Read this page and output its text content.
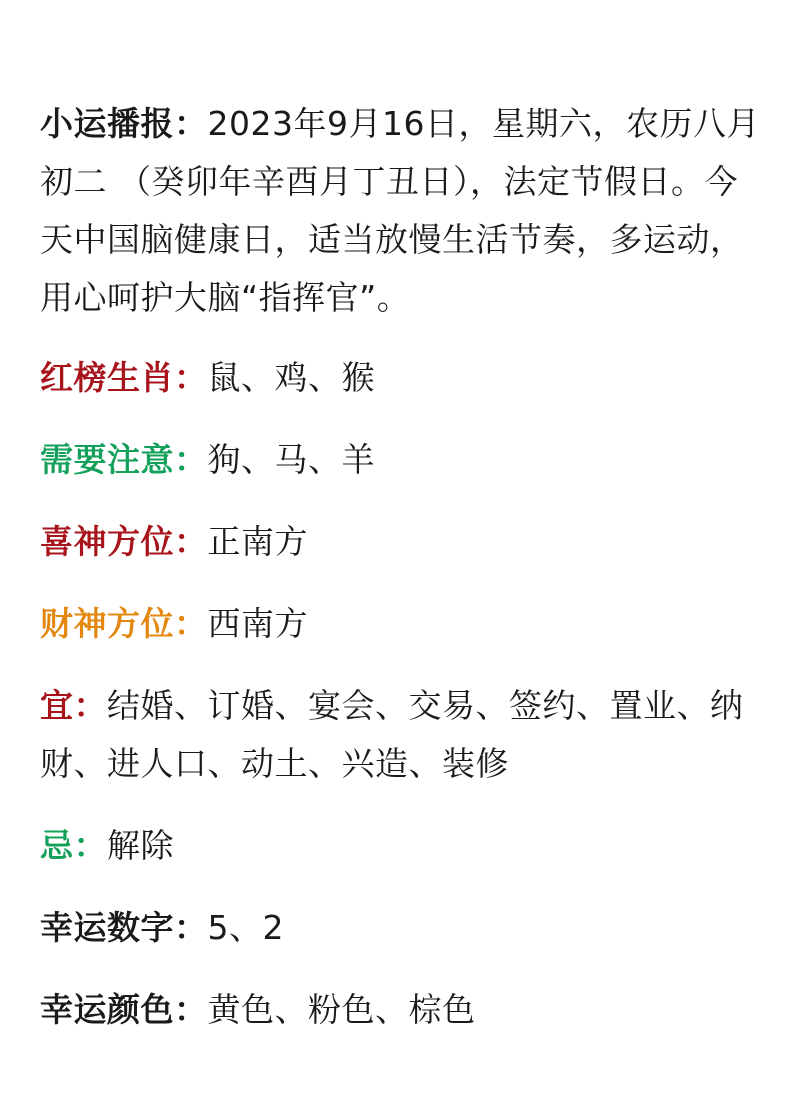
小运播报：2023年9月16日，星期六，农历八月初二 （癸卯年辛酉月丁丑日），法定节假日。今天中国脑健康日，适当放慢生活节奏，多运动，用心呵护大脑“指挥官”。

红榜生肖：鼠、鸡、猴

需要注意：狗、马、羊

喜神方位：正南方

财神方位：西南方

宜：结婚、订婚、宴会、交易、签约、置业、纳财、进人口、动土、兴造、装修

忌：解除

幸运数字：5、2

幸运颜色：黄色、粉色、棕色
